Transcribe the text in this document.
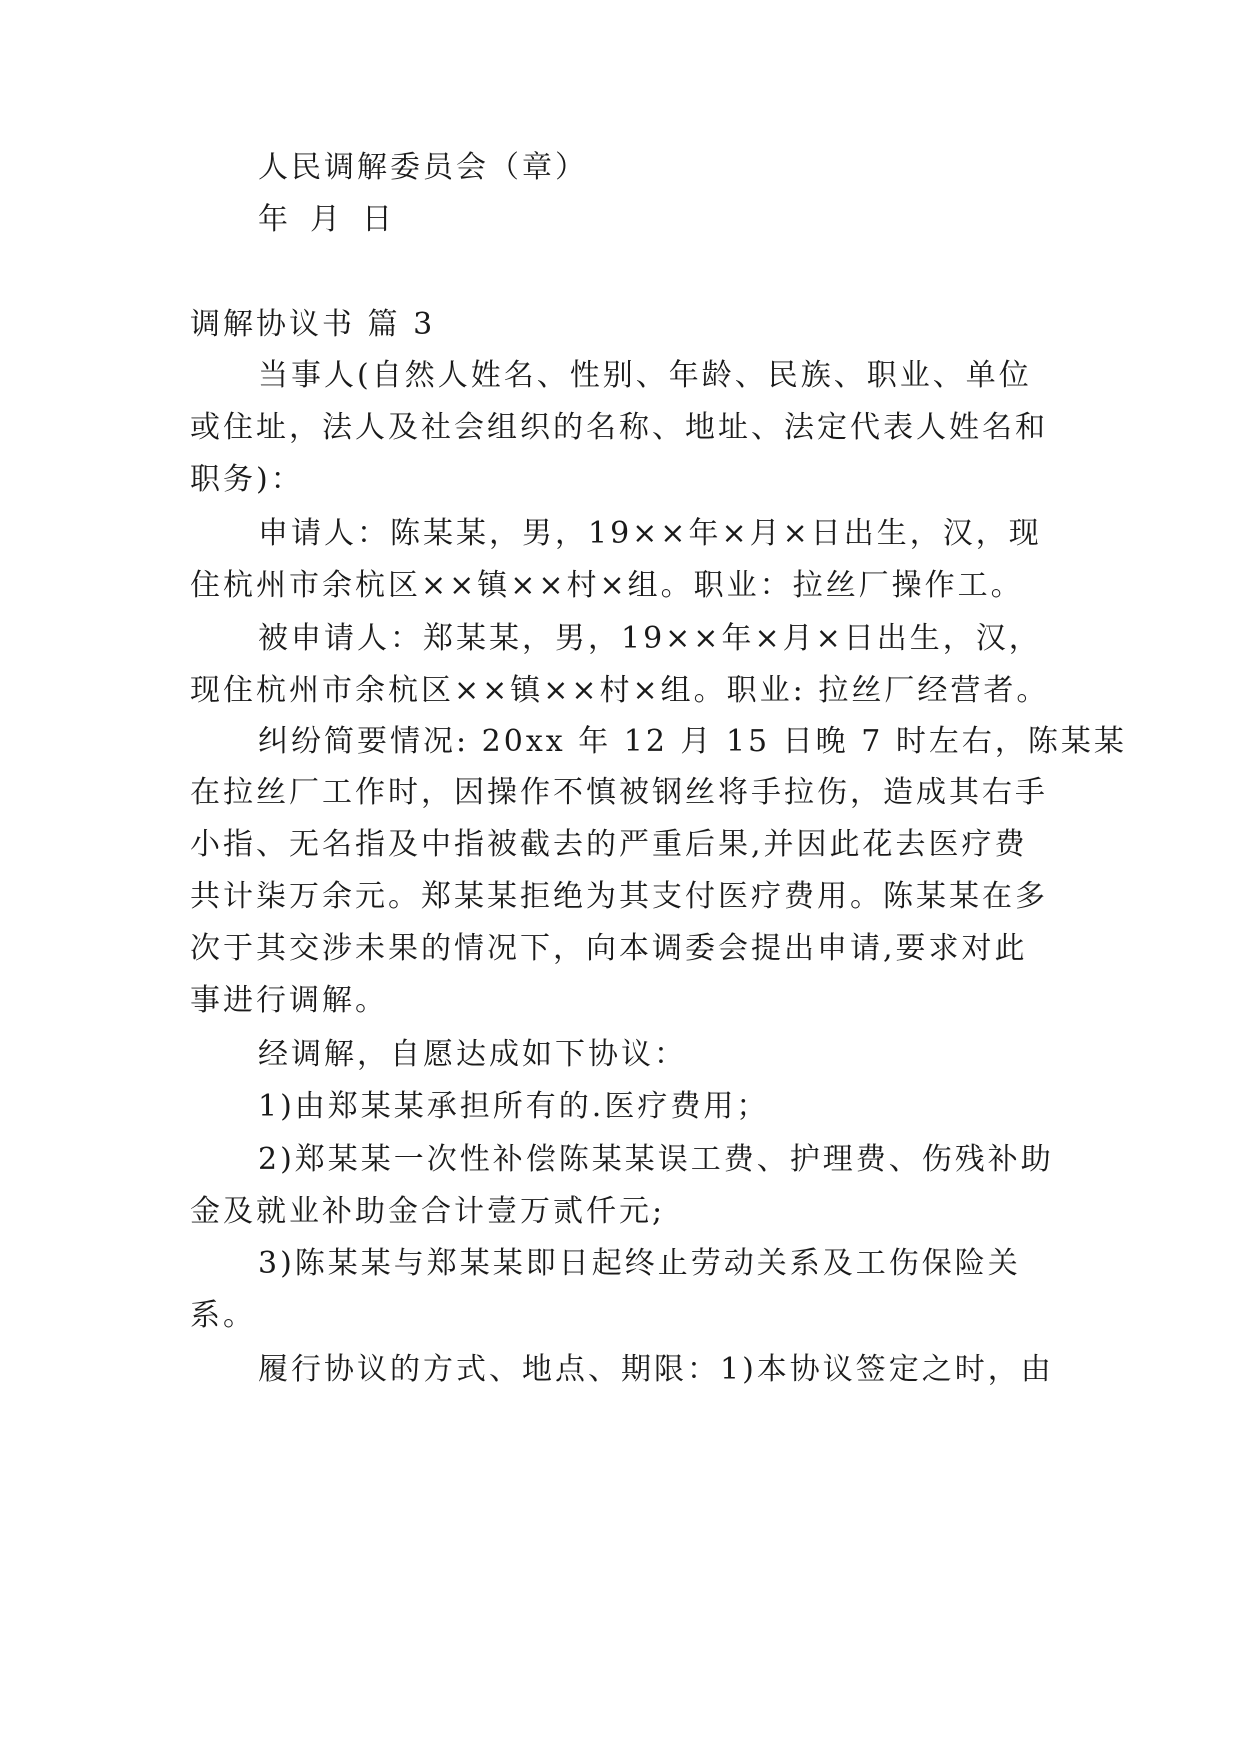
人民调解委员会（章）
年 月 日
调解协议书 篇 3
当事人(自然人姓名、性别、年龄、民族、职业、单位
或住址，法人及社会组织的名称、地址、法定代表人姓名和
职务)：
申请人：陈某某，男，19××年×月×日出生，汉，现
住杭州市余杭区××镇××村×组。职业：拉丝厂操作工。
被申请人：郑某某，男，19××年×月×日出生，汉，
现住杭州市余杭区××镇××村×组。职业: 拉丝厂经营者。
纠纷简要情况: 20xx 年 12 月 15 日晚 7 时左右，陈某某
在拉丝厂工作时，因操作不慎被钢丝将手拉伤，造成其右手
小指、无名指及中指被截去的严重后果,并因此花去医疗费
共计柒万余元。郑某某拒绝为其支付医疗费用。陈某某在多
次于其交涉未果的情况下，向本调委会提出申请,要求对此
事进行调解。
经调解，自愿达成如下协议：
1)由郑某某承担所有的.医疗费用；
2)郑某某一次性补偿陈某某误工费、护理费、伤残补助
金及就业补助金合计壹万贰仟元;
3)陈某某与郑某某即日起终止劳动关系及工伤保险关
系。
履行协议的方式、地点、期限：1)本协议签定之时，由
